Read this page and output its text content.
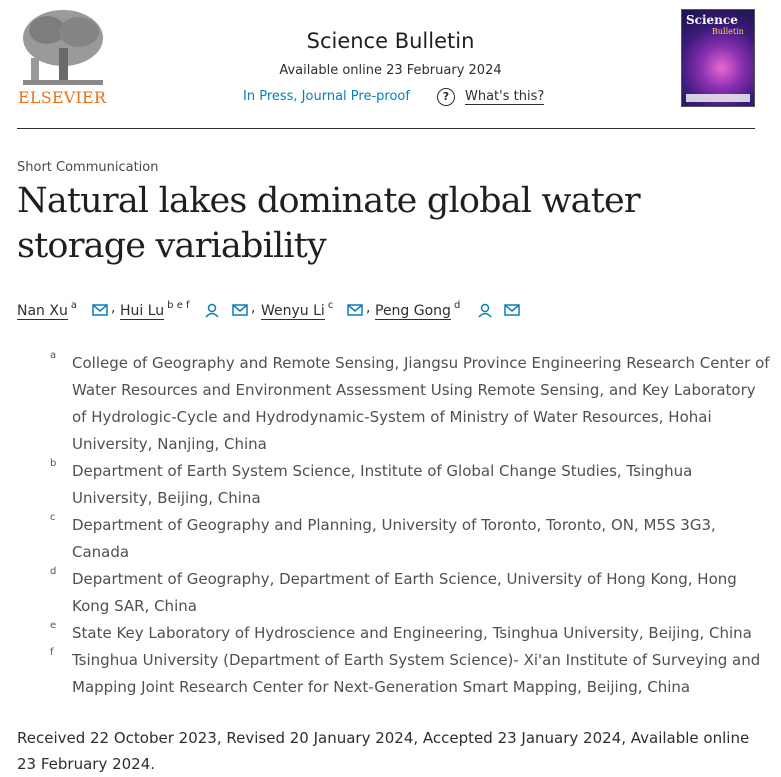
ELSEVIER
Science Bulletin
Available online 23 February 2024
In Press, Journal Pre-proof	?	What's this?
Science
Bulletin
Short Communication
Natural lakes dominate global water storage variability
Nan Xu $^a$ , Hui Lu $^{b e f}$	, Wenyu Li $^c$ , Peng Gong $^d$
a College of Geography and Remote Sensing, Jiangsu Province Engineering Research Center of Water Resources and Environment Assessment Using Remote Sensing, and Key Laboratory of Hydrologic-Cycle and Hydrodynamic-System of Ministry of Water Resources, Hohai University, Nanjing, China
b Department of Earth System Science, Institute of Global Change Studies, Tsinghua University, Beijing, China
c Department of Geography and Planning, University of Toronto, Toronto, ON, M5S 3G3, Canada
d Department of Geography, Department of Earth Science, University of Hong Kong, Hong Kong SAR, China
e State Key Laboratory of Hydroscience and Engineering, Tsinghua University, Beijing, China
f Tsinghua University (Department of Earth System Science)- Xi'an Institute of Surveying and Mapping Joint Research Center for Next-Generation Smart Mapping, Beijing, China
Received 22 October 2023, Revised 20 January 2024, Accepted 23 January 2024, Available online 23 February 2024.
